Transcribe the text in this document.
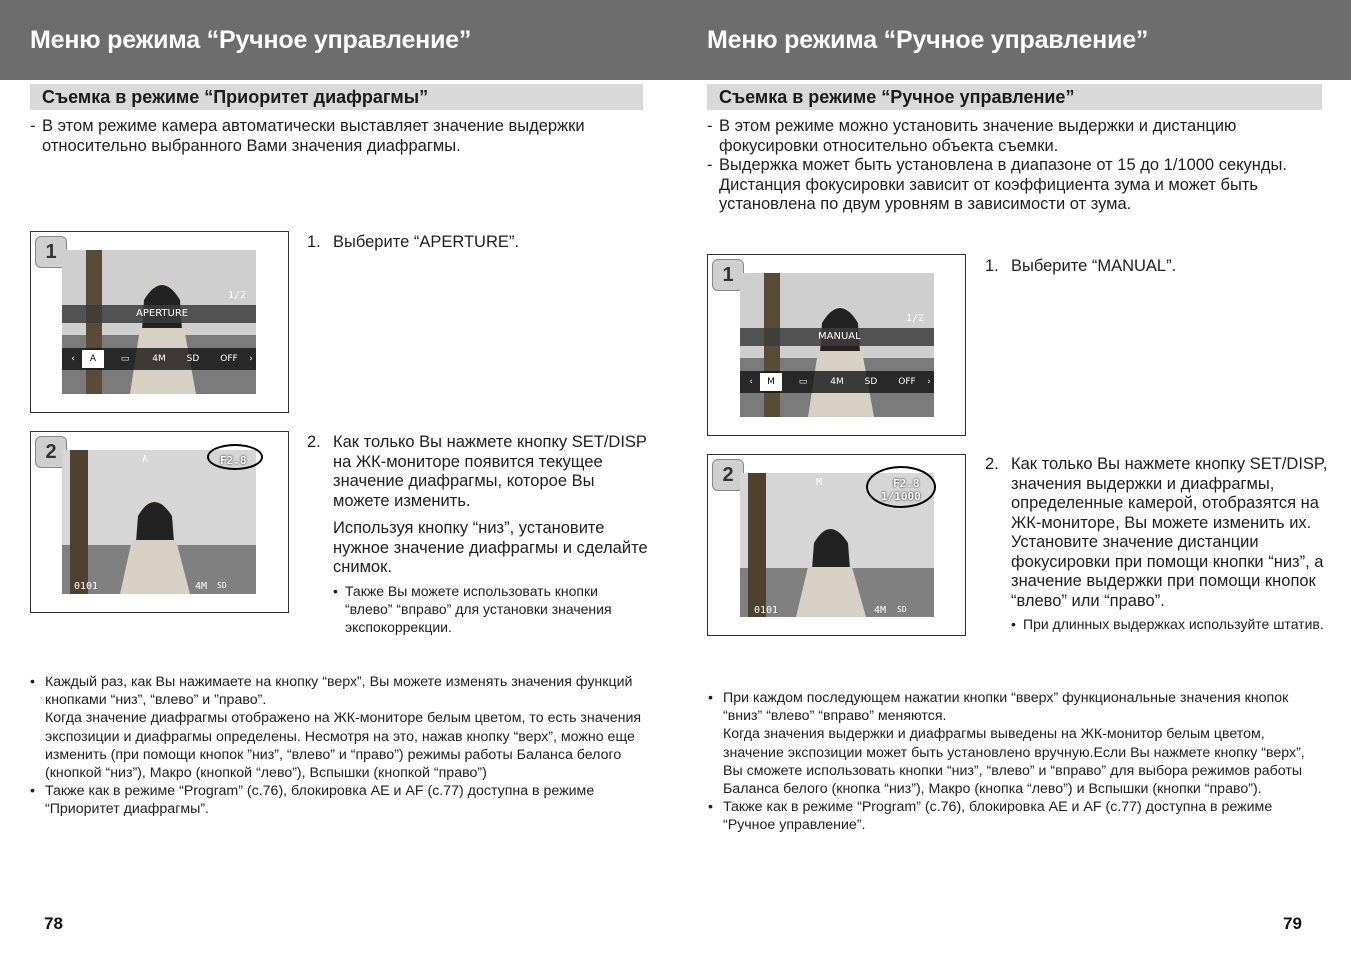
Меню режима “Ручное управление”	Меню режима “Ручное управление”
Съемка в режиме “Приоритет диафрагмы”	Съемка в режиме “Ручное управление”
- В этом режиме камера автоматически выставляет значение выдержки относительно выбранного Вами значения диафрагмы.
- В этом режиме можно установить значение выдержки и дистанцию фокусировки относительно объекта съемки.
- Выдержка может быть установлена в диапазоне от 15 до 1/1000 секунды. Дистанция фокусировки зависит от коэффициента зума и может быть установлена по двум уровням в зависимости от зума.
1
APERTURE
1/2
‹	A	▭	4M	SD	OFF	›
2	A	F2.8
0101	4M SD
1
MANUAL
1/2
‹	M	▭	4M	SD	OFF	›
2	M	F2.8
1/1000
0101	4M SD
1. Выберите “APERTURE”.
2. Как только Вы нажмете кнопку SET/DISP на ЖК-мониторе появится текущее значение диафрагмы, которое Вы можете изменить.
Используя кнопку “низ”, установите нужное значение диафрагмы и сделайте снимок.
• Также Вы можете использовать кнопки “влево” “вправо” для установки значения экспокоррекции.
1. Выберите “MANUAL”.
2. Как только Вы нажмете кнопку SET/DISP, значения выдержки и диафрагмы, определенные камерой, отобразятся на ЖК-мониторе, Вы можете изменить их. Установите значение дистанции фокусировки при помощи кнопки “низ”, а значение выдержки при помощи кнопок “влево” или “право”.
• При длинных выдержках используйте штатив.
• Каждый раз, как Вы нажимаете на кнопку “верх”, Вы можете изменять значения функций кнопками “низ”, “влево” и ”право”.
Когда значение диафрагмы отображено на ЖК-мониторе белым цветом, то есть значения экспозиции и диафрагмы определены. Несмотря на это, нажав кнопку “верх”, можно еще изменить (при помощи кнопок ”низ”, “влево” и “право”) режимы работы Баланса белого (кнопкой “низ”), Макро (кнопкой “лево”), Вспышки (кнопкой “право”)
• Также как в режиме “Program” (с.76), блокировка АЕ и AF (с.77) доступна в режиме “Приоритет диафрагмы”.
• При каждом последующем нажатии кнопки “вверх” функциональные значения кнопок “вниз” “влево” “вправо” меняются.
Когда значения выдержки и диафрагмы выведены на ЖК-монитор белым цветом, значение экспозиции может быть установлено вручную.Если Вы нажмете кнопку “верх”, Вы сможете использовать кнопки “низ”, “влево” и “вправо” для выбора режимов работы Баланса белого (кнопка “низ”), Макро (кнопка “лево”) и Вспышки (кнопки “право”).
• Также как в режиме “Program” (с.76), блокировка АЕ и AF (с.77) доступна в режиме “Ручное управление”.
78	79
